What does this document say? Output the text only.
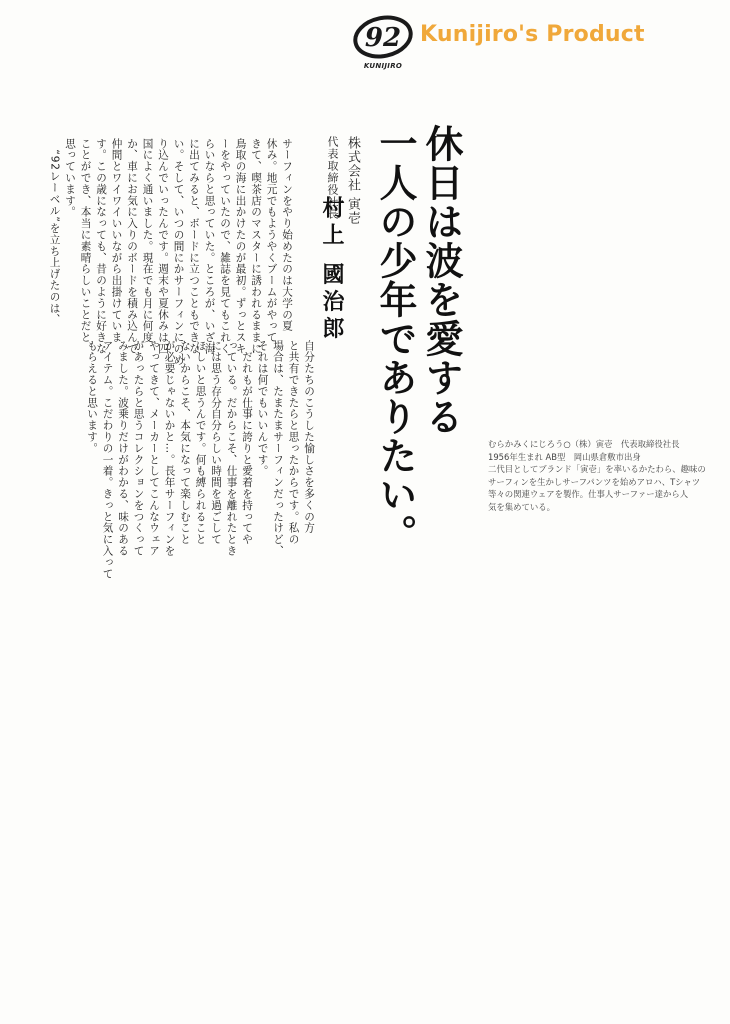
92
KUNIJIRO
Kunijiro's Product
休日は波を愛する
一人の少年でありたい。
株式会社 寅壱
代表取締役社長
村上 國治郎
サーフィンをやり始めたのは大学の夏
休み。地元でもようやくブームがやって
きて、喫茶店のマスターに誘われるままに
鳥取の海に出かけたのが最初。ずっとスキ
ーをやっていたので、雑誌を見てもこれく
らいならと思っていた。ところが、いざ海
に出てみると、ボードに立つこともできな
い。そして、いつの間にかサーフィンにのめ
り込んでいったんです。週末や夏休みは四
国によく通いました。現在でも月に何度
か、車にお気に入りのボードを積み込んで
仲間とワイワイいいながら出掛けていま
す。この歳になっても、昔のように好きな
ことができ、本当に素晴らしいことだと
思っています。
　“92レーベル”を立ち上げたのは、
自分たちのこうした愉しさを多くの方
と共有できたらと思ったからです。私の
場合は、たまたまサーフィンだったけど、
それは何でもいいんです。
　だれもが仕事に誇りと愛着を持ってや
っている。だからこそ、仕事を離れたとき
には思う存分自分らしい時間を過ごして
ほしいと思うんです。何も縛られること
ないからこそ、本気になって楽しむこと
が必要じゃないかと…。長年サーフィンを
やってきて、メーカーとしてこんなウェア
があったらと思うコレクションをつくって
みました。波乗りだけがわかる、味のある
アイテム。こだわりの一着。きっと気に入って
もらえると思います。	むらかみくにじろう○（株）寅壱　代表取締役社長
1956年生まれ AB型　岡山県倉敷市出身
二代目としてブランド「寅壱」を率いるかたわら、趣味の
サーフィンを生かしサーフパンツを始めアロハ、Tシャツ
等々の関連ウェアを製作。仕事人サーファー達から人
気を集めている。
